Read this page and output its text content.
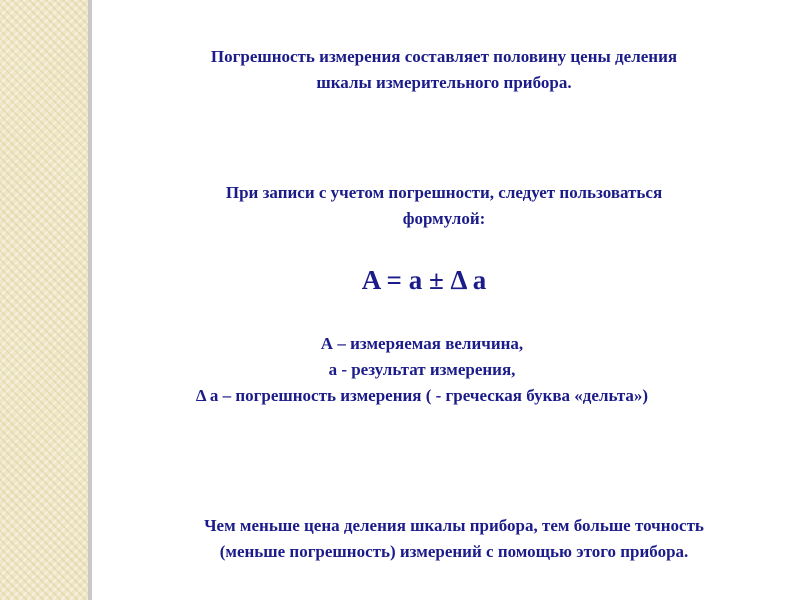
Погрешность измерения составляет половину цены деления
шкалы измерительного прибора.
При записи с учетом погрешности, следует пользоваться
формулой:
A = a ± Δ a
А – измеряемая величина,
а - результат измерения,
Δ а – погрешность измерения ( - греческая буква «дельта»)
Чем меньше цена деления шкалы прибора, тем больше точность
(меньше погрешность) измерений с помощью этого прибора.
